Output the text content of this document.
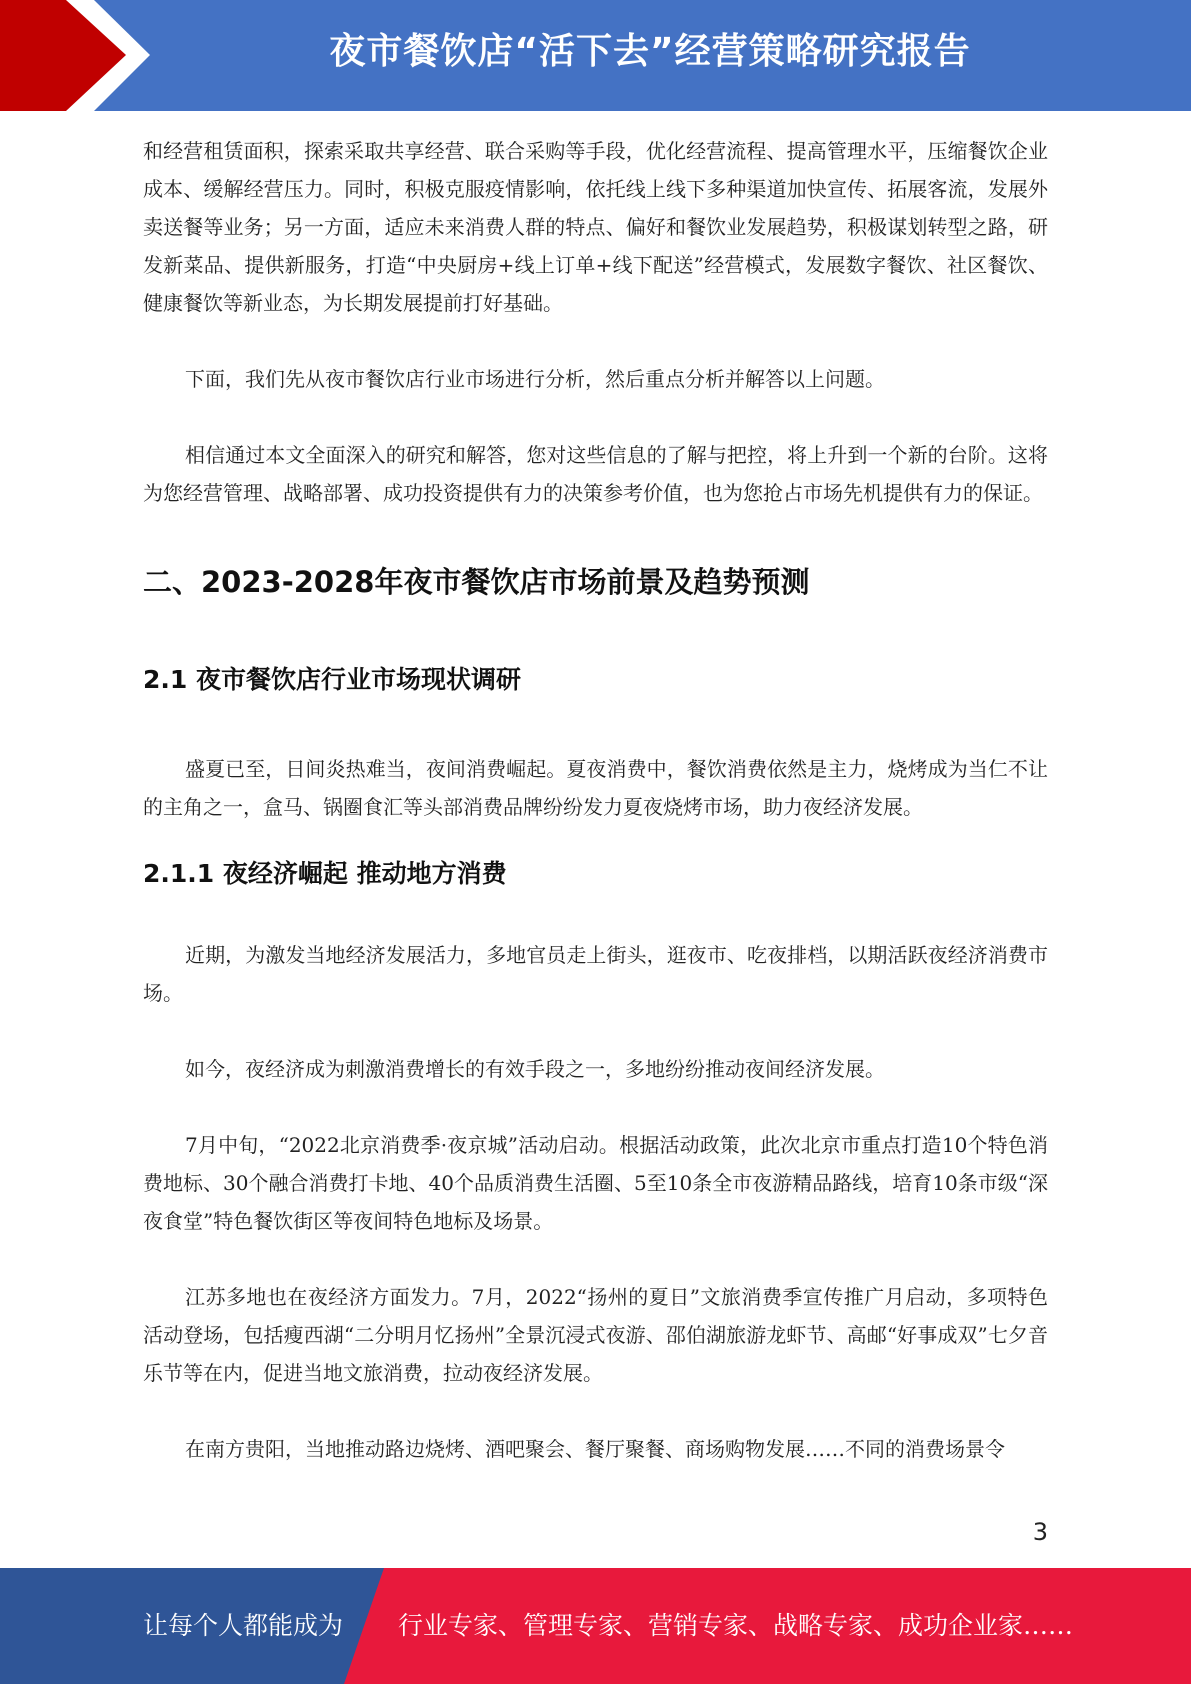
夜市餐饮店“活下去”经营策略研究报告

和经营租赁面积，探索采取共享经营、联合采购等手段，优化经营流程、提高管理水平，压缩餐饮企业成本、缓解经营压力。同时，积极克服疫情影响，依托线上线下多种渠道加快宣传、拓展客流，发展外卖送餐等业务；另一方面，适应未来消费人群的特点、偏好和餐饮业发展趋势，积极谋划转型之路，研发新菜品、提供新服务，打造“中央厨房+线上订单+线下配送”经营模式，发展数字餐饮、社区餐饮、健康餐饮等新业态，为长期发展提前打好基础。

下面，我们先从夜市餐饮店行业市场进行分析，然后重点分析并解答以上问题。

相信通过本文全面深入的研究和解答，您对这些信息的了解与把控，将上升到一个新的台阶。这将为您经营管理、战略部署、成功投资提供有力的决策参考价值，也为您抢占市场先机提供有力的保证。

二、2023-2028年夜市餐饮店市场前景及趋势预测
2.1 夜市餐饮店行业市场现状调研

盛夏已至，日间炎热难当，夜间消费崛起。夏夜消费中，餐饮消费依然是主力，烧烤成为当仁不让的主角之一，盒马、锅圈食汇等头部消费品牌纷纷发力夏夜烧烤市场，助力夜经济发展。

2.1.1 夜经济崛起 推动地方消费

近期，为激发当地经济发展活力，多地官员走上街头，逛夜市、吃夜排档，以期活跃夜经济消费市场。

如今，夜经济成为刺激消费增长的有效手段之一，多地纷纷推动夜间经济发展。

7月中旬，“2022北京消费季·夜京城”活动启动。根据活动政策，此次北京市重点打造10个特色消费地标、30个融合消费打卡地、40个品质消费生活圈、5至10条全市夜游精品路线，培育10条市级“深夜食堂”特色餐饮街区等夜间特色地标及场景。

江苏多地也在夜经济方面发力。7月，2022“扬州的夏日”文旅消费季宣传推广月启动，多项特色活动登场，包括瘦西湖“二分明月忆扬州”全景沉浸式夜游、邵伯湖旅游龙虾节、高邮“好事成双”七夕音乐节等在内，促进当地文旅消费，拉动夜经济发展。

在南方贵阳，当地推动路边烧烤、酒吧聚会、餐厅聚餐、商场购物发展……不同的消费场景令

3
让每个人都能成为 行业专家、管理专家、营销专家、战略专家、成功企业家……
